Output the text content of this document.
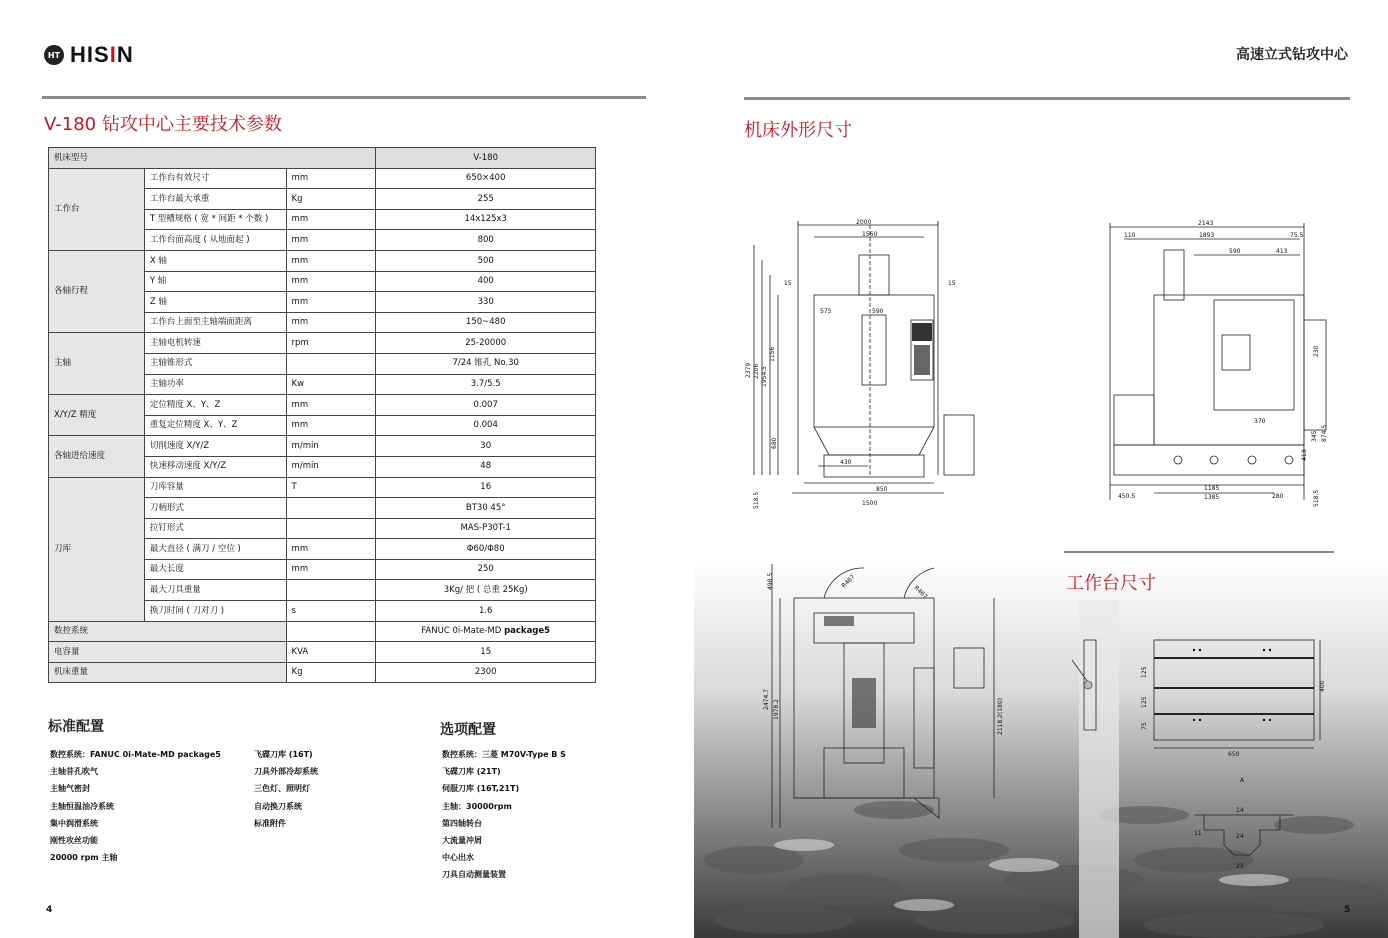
HT HISIN
V-180 钻攻中心主要技术参数
机床型号			V-180
工作台	工作台有效尺寸	mm	650×400
	工作台最大承重	Kg	255
	T 型槽规格 ( 宽 * 间距 * 个数 )	mm	14x125x3
	工作台面高度 ( 从地面起 )	mm	800
各轴行程	X 轴	mm	500
	Y 轴	mm	400
	Z 轴	mm	330
	工作台上面至主轴端面距离	mm	150~480
主轴	主轴电机转速	rpm	25-20000
	主轴锥形式		7/24 锥孔 No.30
	主轴功率	Kw	3.7/5.5
X/Y/Z 精度	定位精度 X、Y、Z	mm	0.007
	重复定位精度 X、Y、Z	mm	0.004
各轴进给速度	切削速度 X/Y/Z	m/min	30
	快速移动速度 X/Y/Z	m/min	48
刀库	刀库容量	T	16
	刀柄形式		BT30 45°
	拉钉形式		MAS-P30T-1
	最大直径 ( 满刀 / 空位 )	mm	Φ60/Φ80
	最大长度	mm	250
	最大刀具重量		3Kg/ 把 ( 总重 25Kg)
	换刀时间 ( 刀对刀 )	s	1.6
数控系统			FANUC 0i-Mate-MD package5
电容量		KVA	15
机床重量		Kg	2300
标准配置
数控系统：FANUC 0i-Mate-MD package5
主轴昔孔吹气
主轴气密封
主轴恒温油冷系统
集中润滑系统
刚性攻丝功能
20000 rpm 主轴
飞碟刀库 (16T)
刀具外部冷却系统
三色灯、照明灯
自动换刀系统
标准附件
选项配置
数控系统：三菱 M70V-Type B S
飞碟刀库 (21T)
伺服刀库 (16T,21T)
主轴：30000rpm
第四轴转台
大流量冲屑
中心出水
刀具自动测量装置
4
高速立式钻攻中心
机床外形尺寸
2000
1560
575	590
15	15
2379 2206 1954.5
1156
680
430
850
1500
518.5
2143
110	1893	75.5
590	413
230
345 874.5
413
370
450.5
1185
1385	280	518.5
498.5
2474.7 1978.2	2118.2(180)
R467
R467	工作台尺寸
650
400
125
125
75
A
14
24
23
11
5
